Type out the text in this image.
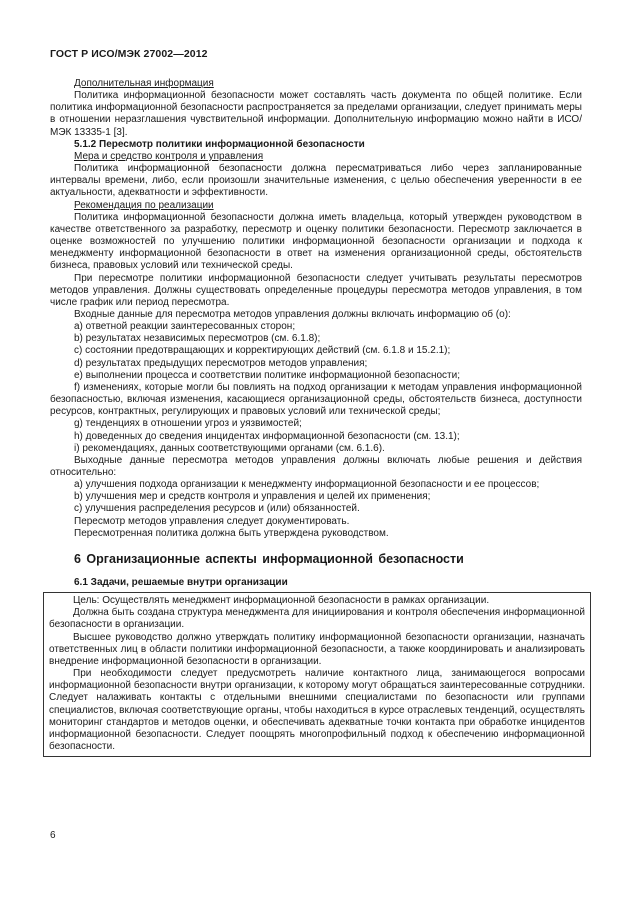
ГОСТ Р ИСО/МЭК 27002—2012

Дополнительная информация

Политика информационной безопасности может составлять часть документа по общей политике. Если политика информационной безопасности распространяется за пределами организации, следует принимать меры в отношении неразглашения чувствительной информации. Дополнительную информацию можно найти в ИСО/МЭК 13335-1 [3].

5.1.2 Пересмотр политики информационной безопасности

Мера и средство контроля и управления

Политика информационной безопасности должна пересматриваться либо через запланированные интервалы времени, либо, если произошли значительные изменения, с целью обеспечения уверенности в ее актуальности, адекватности и эффективности.

Рекомендация по реализации

Политика информационной безопасности должна иметь владельца, который утвержден руководством в качестве ответственного за разработку, пересмотр и оценку политики безопасности. Пересмотр заключается в оценке возможностей по улучшению политики информационной безопасности организации и подхода к менеджменту информационной безопасности в ответ на изменения организационной среды, обстоятельств бизнеса, правовых условий или технической среды.

При пересмотре политики информационной безопасности следует учитывать результаты пересмотров методов управления. Должны существовать определенные процедуры пересмотра методов управления, в том числе график или период пересмотра.

Входные данные для пересмотра методов управления должны включать информацию об (о):

a) ответной реакции заинтересованных сторон;

b) результатах независимых пересмотров (см. 6.1.8);

c) состоянии предотвращающих и корректирующих действий (см. 6.1.8 и 15.2.1);

d) результатах предыдущих пересмотров методов управления;

e) выполнении процесса и соответствии политике информационной безопасности;

f) изменениях, которые могли бы повлиять на подход организации к методам управления информационной безопасностью, включая изменения, касающиеся организационной среды, обстоятельств бизнеса, доступности ресурсов, контрактных, регулирующих и правовых условий или технической среды;

g) тенденциях в отношении угроз и уязвимостей;

h) доведенных до сведения инцидентах информационной безопасности (см. 13.1);

i) рекомендациях, данных соответствующими органами (см. 6.1.6).

Выходные данные пересмотра методов управления должны включать любые решения и действия относительно:

a) улучшения подхода организации к менеджменту информационной безопасности и ее процессов;

b) улучшения мер и средств контроля и управления и целей их применения;

c) улучшения распределения ресурсов и (или) обязанностей.

Пересмотр методов управления следует документировать.

Пересмотренная политика должна быть утверждена руководством.

6 Организационные аспекты информационной безопасности

6.1 Задачи, решаемые внутри организации

Цель: Осуществлять менеджмент информационной безопасности в рамках организации.

Должна быть создана структура менеджмента для инициирования и контроля обеспечения информационной безопасности в организации.

Высшее руководство должно утверждать политику информационной безопасности организации, назначать ответственных лиц в области политики информационной безопасности, а также координировать и анализировать внедрение информационной безопасности в организации.

При необходимости следует предусмотреть наличие контактного лица, занимающегося вопросами информационной безопасности внутри организации, к которому могут обращаться заинтересованные сотрудники. Следует налаживать контакты с отдельными внешними специалистами по безопасности или группами специалистов, включая соответствующие органы, чтобы находиться в курсе отраслевых тенденций, осуществлять мониторинг стандартов и методов оценки, и обеспечивать адекватные точки контакта при обработке инцидентов информационной безопасности. Следует поощрять многопрофильный подход к обеспечению информационной безопасности.

6
